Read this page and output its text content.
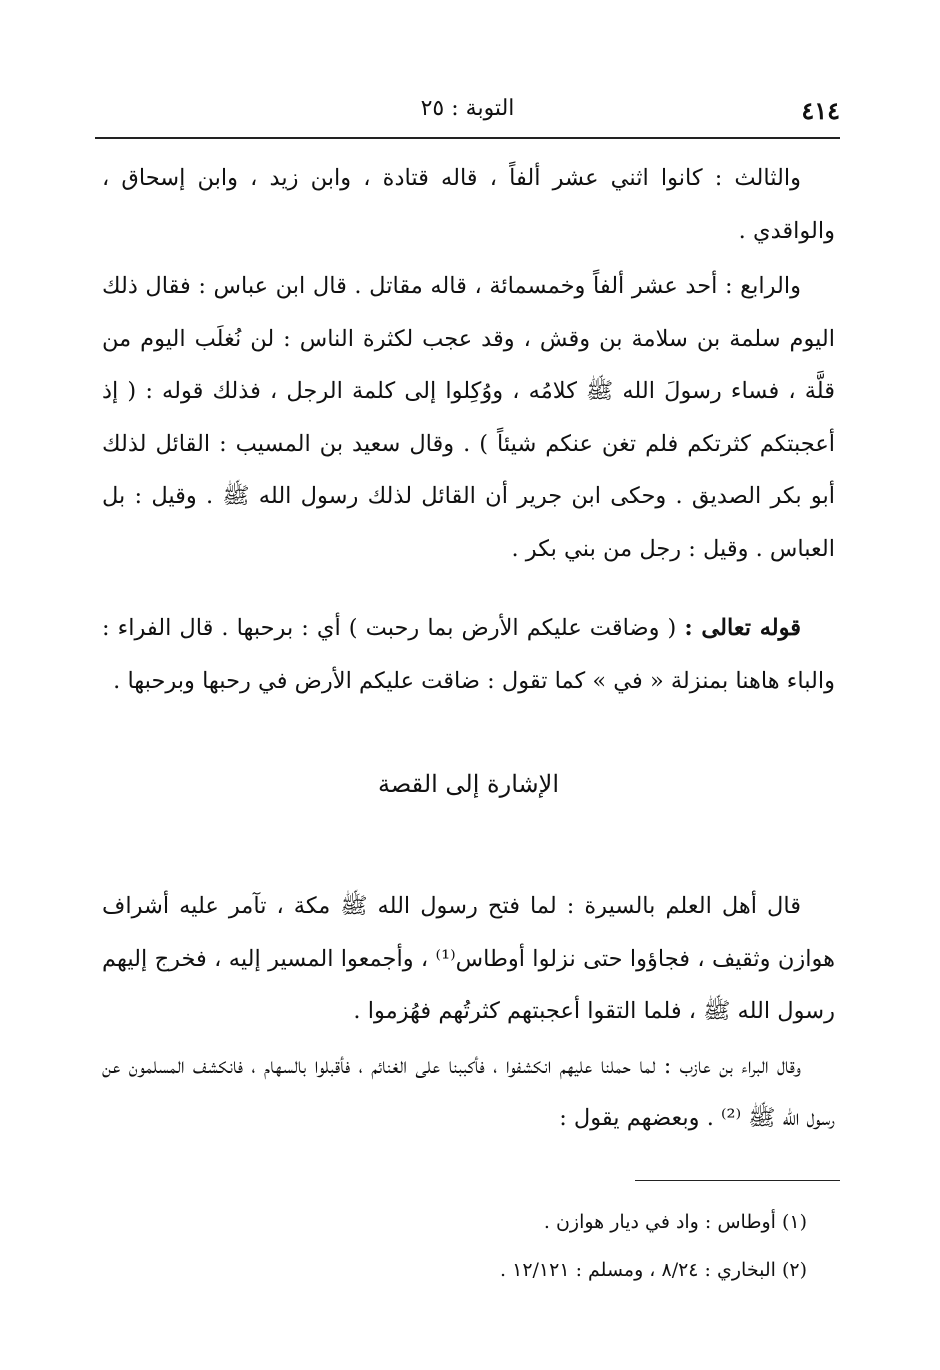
٤١٤
التوبة : ٢٥

والثالث : كانوا اثني عشر ألفاً ، قاله قتادة ، وابن زيد ، وابن إسحاق ، والواقدي .

والرابع : أحد عشر ألفاً وخمسمائة ، قاله مقاتل . قال ابن عباس : فقال ذلك اليوم سلمة بن سلامة بن وقش ، وقد عجب لكثرة الناس : لن نُغلَب اليوم من قلَّة ، فساء رسولَ الله ﷺ كلامُه ، ووُكِلوا إلى كلمة الرجل ، فذلك قوله : ( إذ أعجبتكم كثرتكم فلم تغن عنكم شيئاً ) . وقال سعيد بن المسيب : القائل لذلك أبو بكر الصديق . وحكى ابن جرير أن القائل لذلك رسول الله ﷺ . وقيل : بل العباس . وقيل : رجل من بني بكر .

قوله تعالى : ( وضاقت عليكم الأرض بما رحبت ) أي : برحبها . قال الفراء : والباء هاهنا بمنزلة « في » كما تقول : ضاقت عليكم الأرض في رحبها وبرحبها .

الإشارة إلى القصة

قال أهل العلم بالسيرة : لما فتح رسول الله ﷺ مكة ، تآمر عليه أشراف هوازن وثقيف ، فجاؤوا حتى نزلوا أوطاس⁽¹⁾ ، وأجمعوا المسير إليه ، فخرج إليهم رسول الله ﷺ ، فلما التقوا أعجبتهم كثرتُهم فهُزموا .

وقال البراء بن عازب : لما حملنا عليهم انكشفوا ، فأكببنا على الغنائم ، فأقبلوا بالسهام ، فانكشف المسلمون عن رسول الله ﷺ ⁽²⁾ . وبعضهم يقول :

(١) أوطاس : واد في ديار هوازن .
(٢) البخاري : ٨/٢٤ ، ومسلم : ١٢/١٢١ .
